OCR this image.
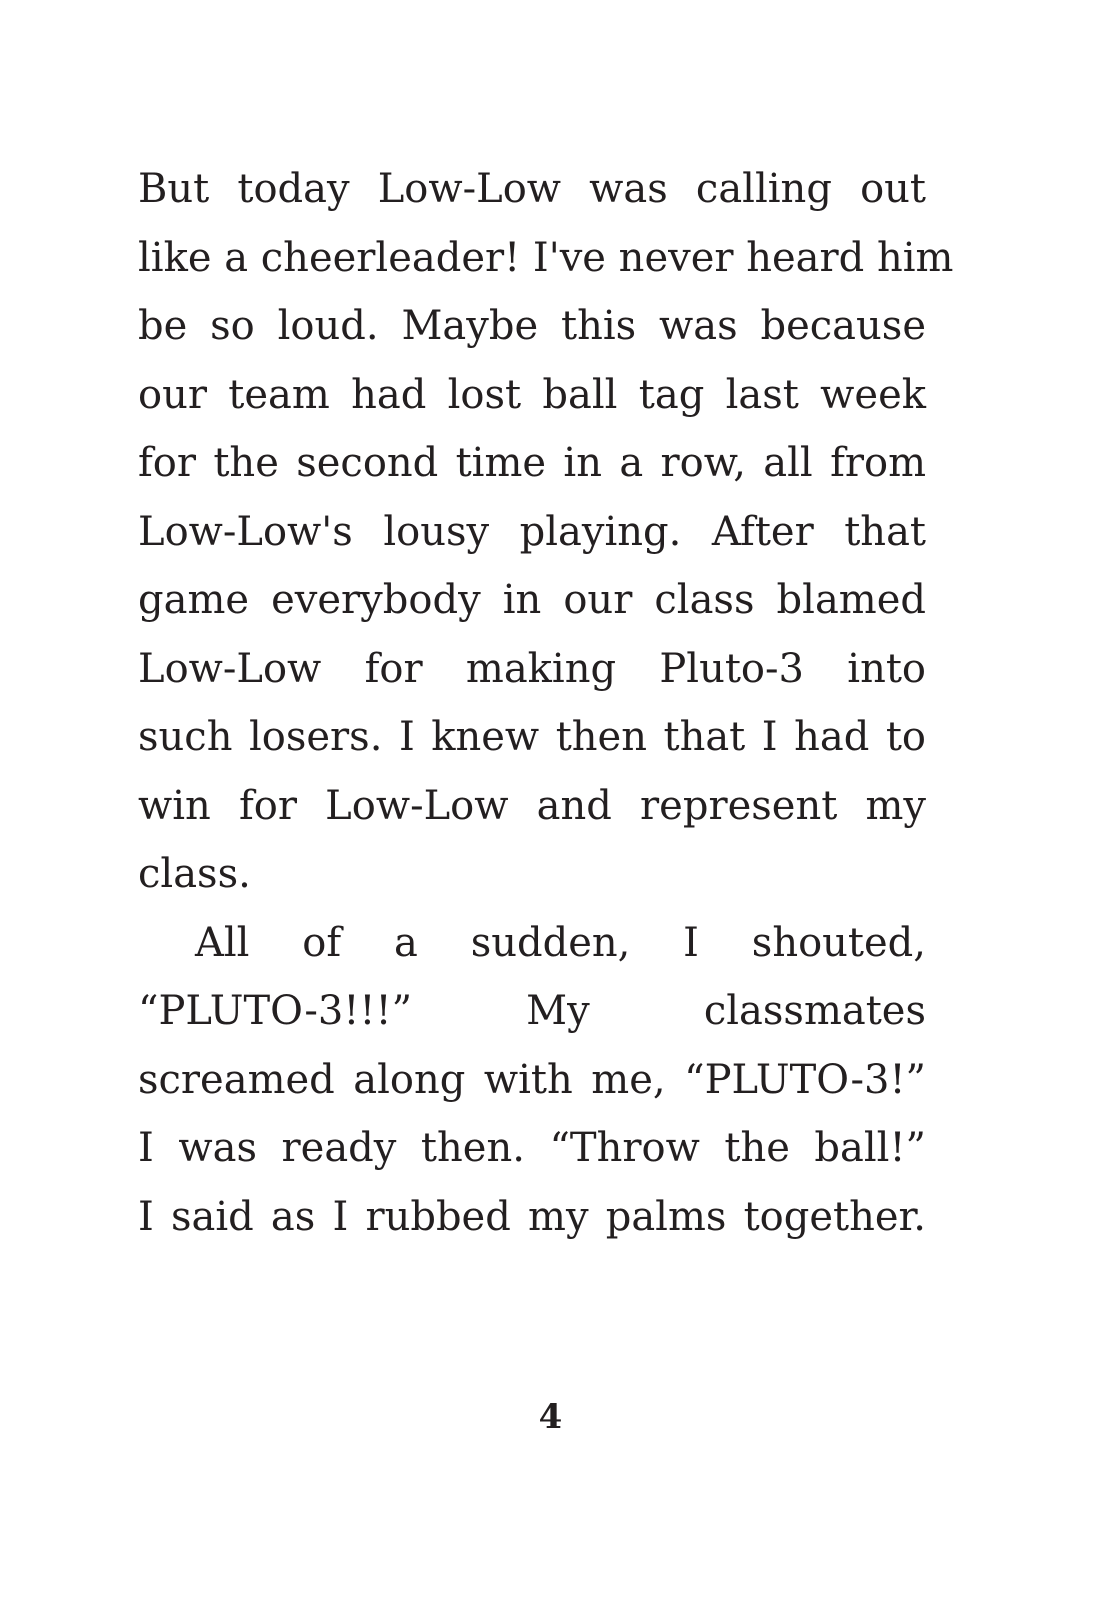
But today Low-Low was calling out
like a cheerleader! I've never heard him
be so loud. Maybe this was because
our team had lost ball tag last week
for the second time in a row, all from
Low-Low's lousy playing. After that
game everybody in our class blamed
Low-Low for making Pluto-3 into
such losers. I knew then that I had to
win for Low-Low and represent my
class.
All of a sudden, I shouted,
“PLUTO-3!!!” My classmates
screamed along with me, “PLUTO-3!”
I was ready then. “Throw the ball!”
I said as I rubbed my palms together.
4
